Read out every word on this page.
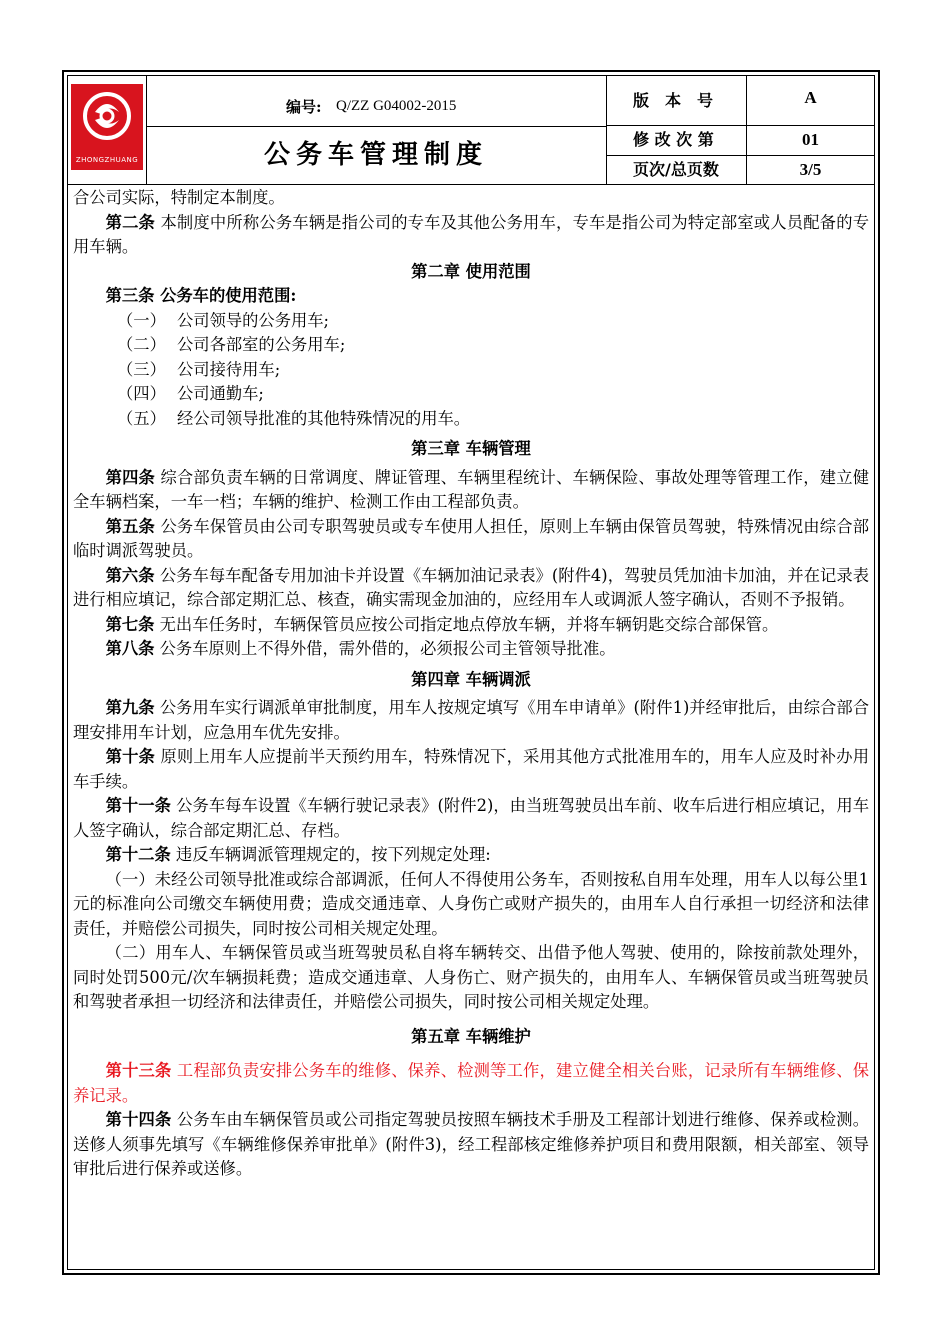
ZHONGZHUANG
编号: Q/ZZ G04002-2015
公务车管理制度
版　本　号	A
修 改 次 第	01
页次/总页数	3/5

合公司实际，特制定本制度。

第二条 本制度中所称公务车辆是指公司的专车及其他公务用车，专车是指公司为特定部室或人员配备的专用车辆。

第二章 使用范围

第三条 公务车的使用范围:

（一） 公司领导的公务用车;

（二） 公司各部室的公务用车;

（三） 公司接待用车;

（四） 公司通勤车;

（五） 经公司领导批准的其他特殊情况的用车。

第三章 车辆管理

第四条 综合部负责车辆的日常调度、牌证管理、车辆里程统计、车辆保险、事故处理等管理工作，建立健全车辆档案，一车一档；车辆的维护、检测工作由工程部负责。

第五条 公务车保管员由公司专职驾驶员或专车使用人担任，原则上车辆由保管员驾驶，特殊情况由综合部临时调派驾驶员。

第六条 公务车每车配备专用加油卡并设置《车辆加油记录表》(附件4)，驾驶员凭加油卡加油，并在记录表进行相应填记，综合部定期汇总、核查，确实需现金加油的，应经用车人或调派人签字确认，否则不予报销。

第七条 无出车任务时，车辆保管员应按公司指定地点停放车辆，并将车辆钥匙交综合部保管。

第八条 公务车原则上不得外借，需外借的，必须报公司主管领导批准。

第四章 车辆调派

第九条 公务用车实行调派单审批制度，用车人按规定填写《用车申请单》(附件1)并经审批后，由综合部合理安排用车计划，应急用车优先安排。

第十条 原则上用车人应提前半天预约用车，特殊情况下，采用其他方式批准用车的，用车人应及时补办用车手续。

第十一条 公务车每车设置《车辆行驶记录表》(附件2)，由当班驾驶员出车前、收车后进行相应填记，用车人签字确认，综合部定期汇总、存档。

第十二条 违反车辆调派管理规定的，按下列规定处理:

（一）未经公司领导批准或综合部调派，任何人不得使用公务车，否则按私自用车处理，用车人以每公里1元的标准向公司缴交车辆使用费；造成交通违章、人身伤亡或财产损失的，由用车人自行承担一切经济和法律责任，并赔偿公司损失，同时按公司相关规定处理。

（二）用车人、车辆保管员或当班驾驶员私自将车辆转交、出借予他人驾驶、使用的，除按前款处理外，同时处罚500元/次车辆损耗费；造成交通违章、人身伤亡、财产损失的，由用车人、车辆保管员或当班驾驶员和驾驶者承担一切经济和法律责任，并赔偿公司损失，同时按公司相关规定处理。

第五章 车辆维护

第十三条 工程部负责安排公务车的维修、保养、检测等工作，建立健全相关台账，记录所有车辆维修、保养记录。

第十四条 公务车由车辆保管员或公司指定驾驶员按照车辆技术手册及工程部计划进行维修、保养或检测。送修人须事先填写《车辆维修保养审批单》(附件3)，经工程部核定维修养护项目和费用限额，相关部室、领导审批后进行保养或送修。
